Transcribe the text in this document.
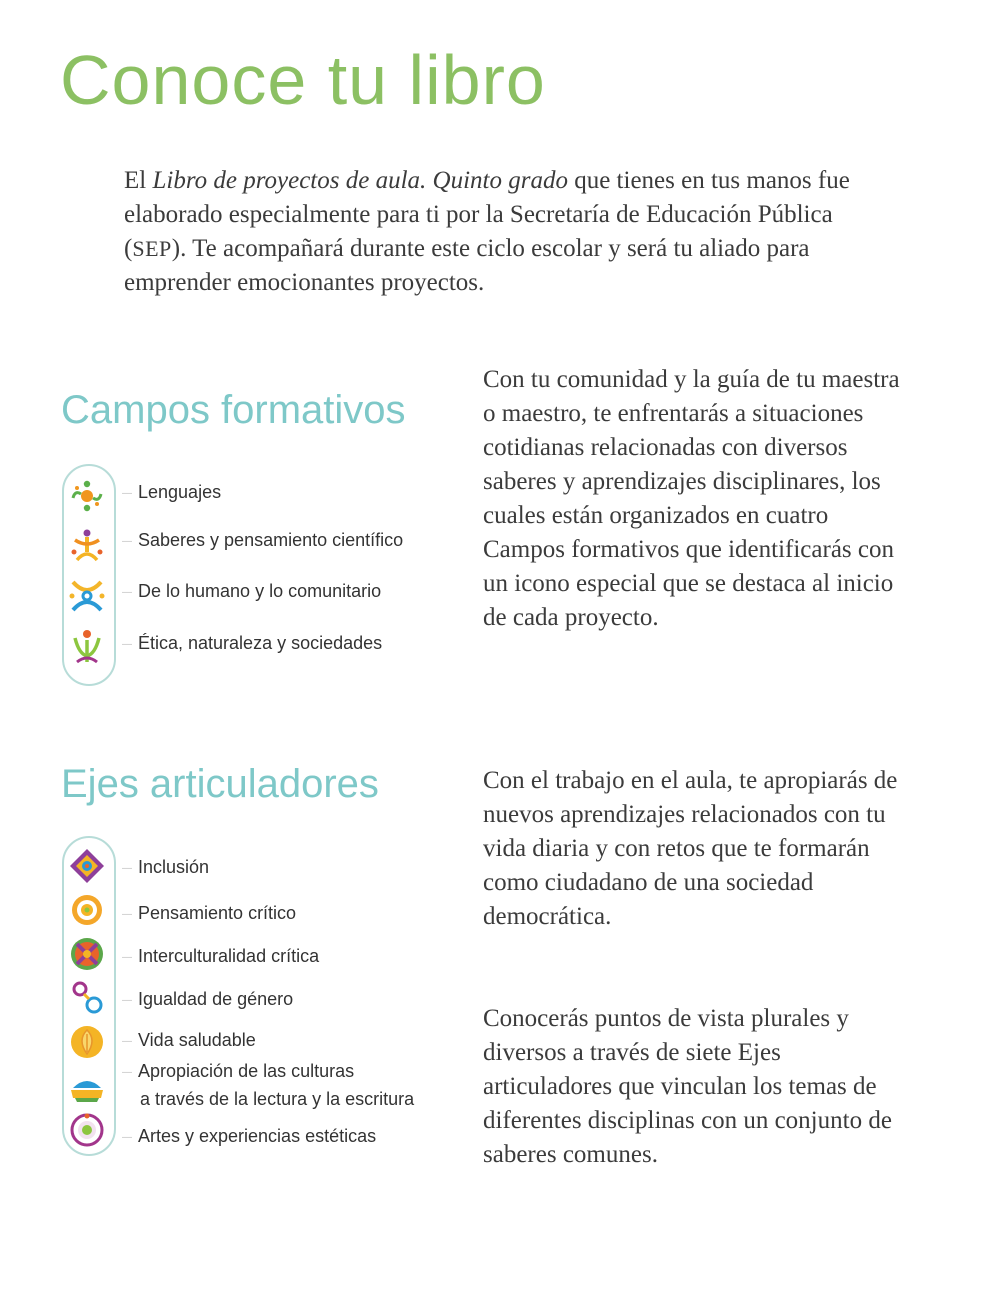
Conoce tu libro

El Libro de proyectos de aula. Quinto grado que tienes en tus manos fue elaborado especialmente para ti por la Secretaría de Educación Pública (SEP). Te acompañará durante este ciclo escolar y será tu aliado para emprender emocionantes proyectos.

Campos formativos
— Lenguajes
— Saberes y pensamiento científico
— De lo humano y lo comunitario
— Ética, naturaleza y sociedades

Con tu comunidad y la guía de tu maestra o maestro, te enfrentarás a situaciones cotidianas relacionadas con diversos saberes y aprendizajes disciplinares, los cuales están organizados en cuatro Campos formativos que identificarás con un icono especial que se destaca al inicio de cada proyecto.

Ejes articuladores
— Inclusión
— Pensamiento crítico
— Interculturalidad crítica
— Igualdad de género
— Vida saludable
— Apropiación de las culturas
a través de la lectura y la escritura
— Artes y experiencias estéticas

Con el trabajo en el aula, te apropiarás de nuevos aprendizajes relacionados con tu vida diaria y con retos que te formarán como ciudadano de una sociedad democrática.

Conocerás puntos de vista plurales y diversos a través de siete Ejes articuladores que vinculan los temas de diferentes disciplinas con un conjunto de saberes comunes.
